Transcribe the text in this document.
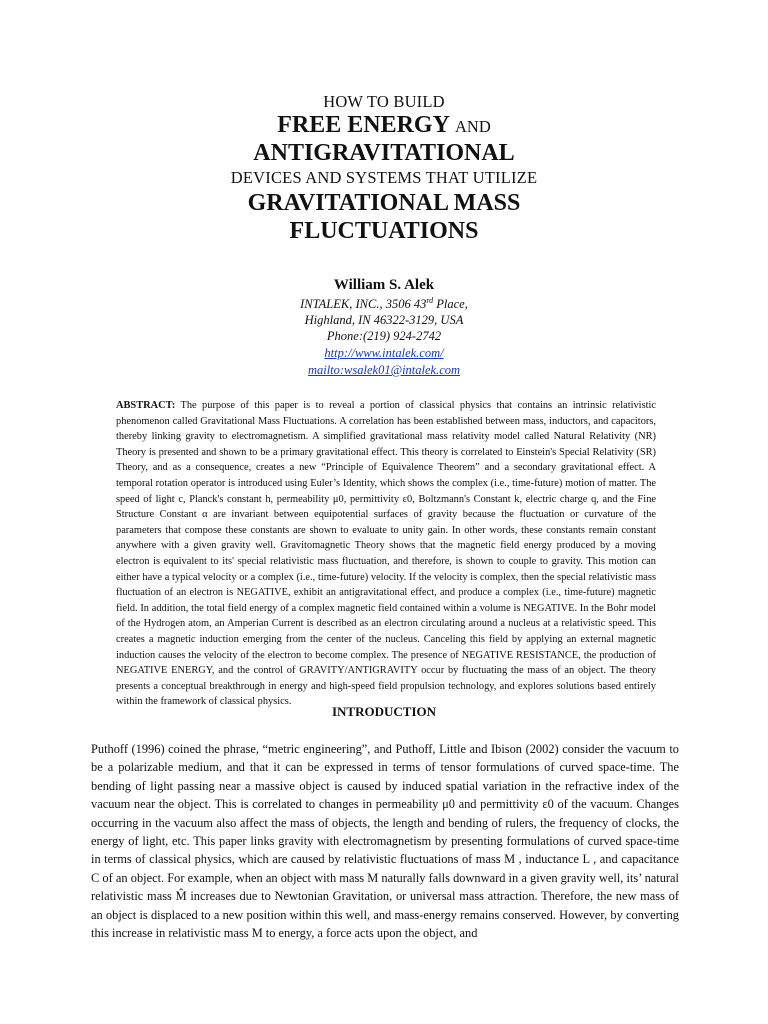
HOW TO BUILD
FREE ENERGY AND
ANTIGRAVITATIONAL
DEVICES AND SYSTEMS THAT UTILIZE
GRAVITATIONAL MASS
FLUCTUATIONS
William S. Alek
INTALEK, INC., 3506 43rd Place,
Highland, IN 46322-3129, USA
Phone:(219) 924-2742
http://www.intalek.com/
mailto:wsalek01@intalek.com
ABSTRACT: The purpose of this paper is to reveal a portion of classical physics that contains an intrinsic relativistic phenomenon called Gravitational Mass Fluctuations. A correlation has been established between mass, inductors, and capacitors, thereby linking gravity to electromagnetism. A simplified gravitational mass relativity model called Natural Relativity (NR) Theory is presented and shown to be a primary gravitational effect. This theory is correlated to Einstein's Special Relativity (SR) Theory, and as a consequence, creates a new “Principle of Equivalence Theorem” and a secondary gravitational effect. A temporal rotation operator is introduced using Euler’s Identity, which shows the complex (i.e., time-future) motion of matter. The speed of light c, Planck's constant h, permeability μ0, permittivity ε0, Boltzmann's Constant k, electric charge q, and the Fine Structure Constant α are invariant between equipotential surfaces of gravity because the fluctuation or curvature of the parameters that compose these constants are shown to evaluate to unity gain. In other words, these constants remain constant anywhere with a given gravity well. Gravitomagnetic Theory shows that the magnetic field energy produced by a moving electron is equivalent to its' special relativistic mass fluctuation, and therefore, is shown to couple to gravity. This motion can either have a typical velocity or a complex (i.e., time-future) velocity. If the velocity is complex, then the special relativistic mass fluctuation of an electron is NEGATIVE, exhibit an antigravitational effect, and produce a complex (i.e., time-future) magnetic field. In addition, the total field energy of a complex magnetic field contained within a volume is NEGATIVE. In the Bohr model of the Hydrogen atom, an Amperian Current is described as an electron circulating around a nucleus at a relativistic speed. This creates a magnetic induction emerging from the center of the nucleus. Canceling this field by applying an external magnetic induction causes the velocity of the electron to become complex. The presence of NEGATIVE RESISTANCE, the production of NEGATIVE ENERGY, and the control of GRAVITY/ANTIGRAVITY occur by fluctuating the mass of an object. The theory presents a conceptual breakthrough in energy and high-speed field propulsion technology, and explores solutions based entirely within the framework of classical physics.
INTRODUCTION
Puthoff (1996) coined the phrase, “metric engineering”, and Puthoff, Little and Ibison (2002) consider the vacuum to be a polarizable medium, and that it can be expressed in terms of tensor formulations of curved space-time. The bending of light passing near a massive object is caused by induced spatial variation in the refractive index of the vacuum near the object. This is correlated to changes in permeability μ0 and permittivity ε0 of the vacuum. Changes occurring in the vacuum also affect the mass of objects, the length and bending of rulers, the frequency of clocks, the energy of light, etc. This paper links gravity with electromagnetism by presenting formulations of curved space-time in terms of classical physics, which are caused by relativistic fluctuations of mass M , inductance L , and capacitance C of an object. For example, when an object with mass M naturally falls downward in a given gravity well, its’ natural relativistic mass M̂ increases due to Newtonian Gravitation, or universal mass attraction. Therefore, the new mass of an object is displaced to a new position within this well, and mass-energy remains conserved. However, by converting this increase in relativistic mass M to energy, a force acts upon the object, and
